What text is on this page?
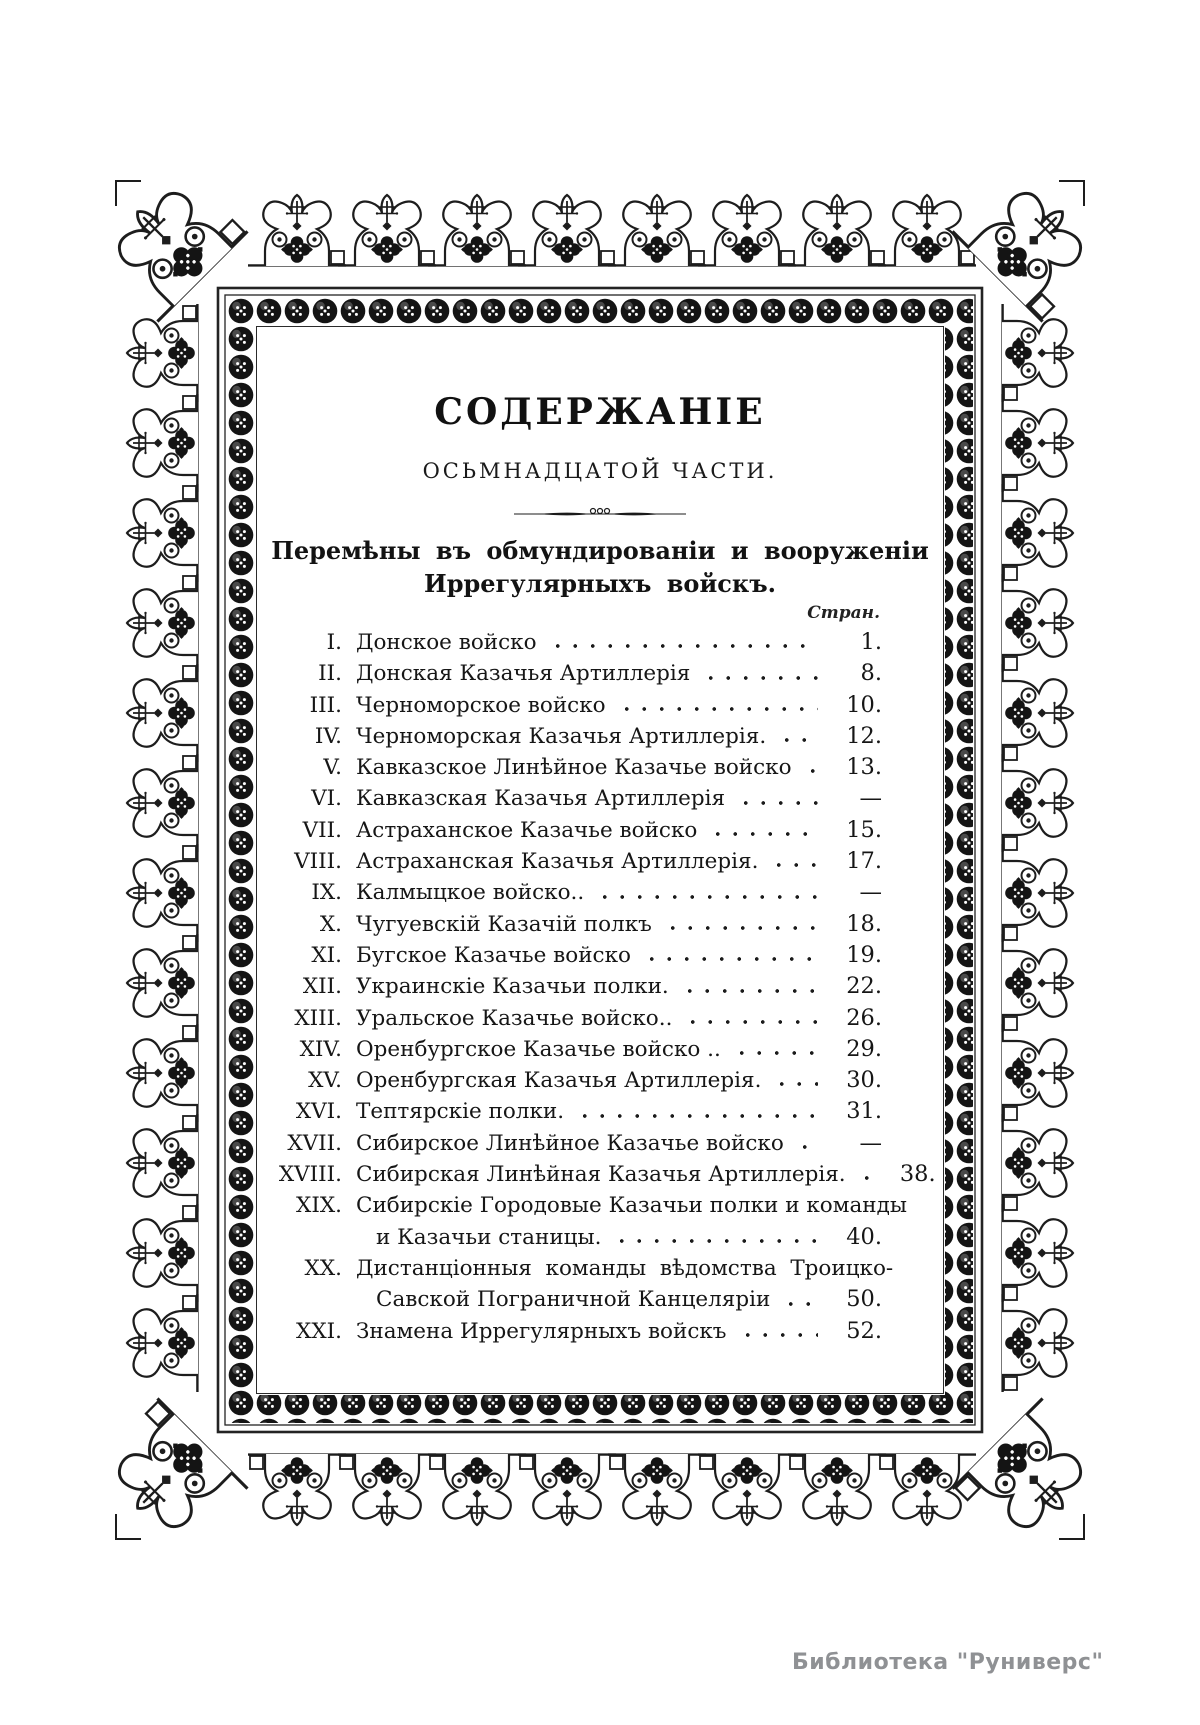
СОДЕРЖАНІЕ
ОСЬМНАДЦАТОЙ ЧАСТИ.
Перемѣны въ обмундированіи и вооруженіи
Иррегулярныхъ войскъ.
Стран.
I. Донское войско	1.
II. Донская Казачья Артиллерія	8.
III. Черноморское войско	10.
IV. Черноморская Казачья Артиллерія.	12.
V. Кавказское Линѣйное Казачье войско	13.
VI. Кавказская Казачья Артиллерія	—
VII. Астраханское Казачье войско	15.
VIII. Астраханская Казачья Артиллерія.	17.
IX. Калмыцкое войско..	—
X. Чугуевскій Казачій полкъ	18.
XI. Бугское Казачье войско	19.
XII. Украинскіе Казачьи полки.	22.
XIII. Уральское Казачье войско..	26.
XIV. Оренбургское Казачье войско ..	29.
XV. Оренбургская Казачья Артиллерія.	30.
XVI. Тептярскіе полки.	31.
XVII. Сибирское Линѣйное Казачье войско	—
XVIII. Сибирская Линѣйная Казачья Артиллерія.	38.
XIX. Сибирскіе Городовые Казачьи полки и команды
и Казачьи станицы.	40.
XX. Дистанціонныя  команды  вѣдомства  Троицко-
Савской Пограничной Канцеляріи	50.
XXI. Знамена Иррегулярныхъ войскъ	52.
Библиотека "Руниверс"
